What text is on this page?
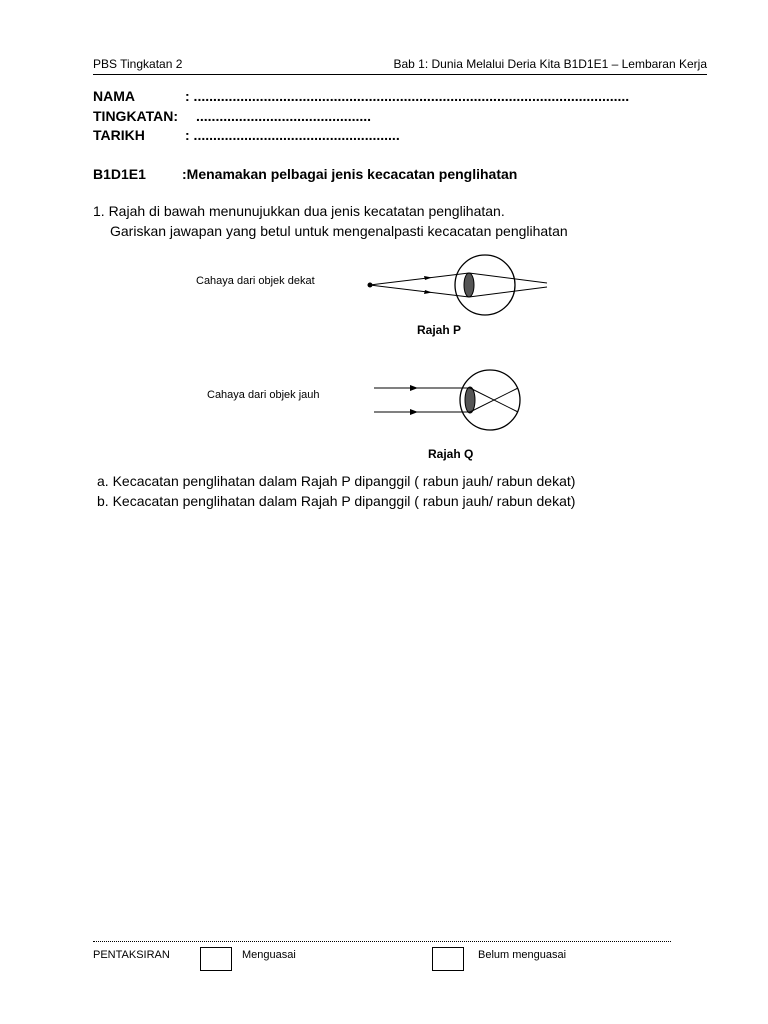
PBS Tingkatan 2	Bab 1: Dunia Melalui Deria Kita B1D1E1 – Lembaran Kerja
NAMA	: ................................................................................................................
TINGKATAN: .............................................
TARIKH	: .....................................................
B1D1E1	:Menamakan pelbagai jenis kecacatan penglihatan
1. Rajah di bawah menunujukkan dua jenis kecatatan penglihatan.
Gariskan jawapan yang betul untuk mengenalpasti kecacatan penglihatan
Cahaya dari objek dekat
Rajah P
Cahaya dari objek jauh
Rajah Q
a. Kecacatan penglihatan dalam Rajah P dipanggil ( rabun jauh/ rabun dekat)
b. Kecacatan penglihatan dalam Rajah P dipanggil ( rabun jauh/ rabun dekat)
PENTAKSIRAN	Menguasai	Belum menguasai
